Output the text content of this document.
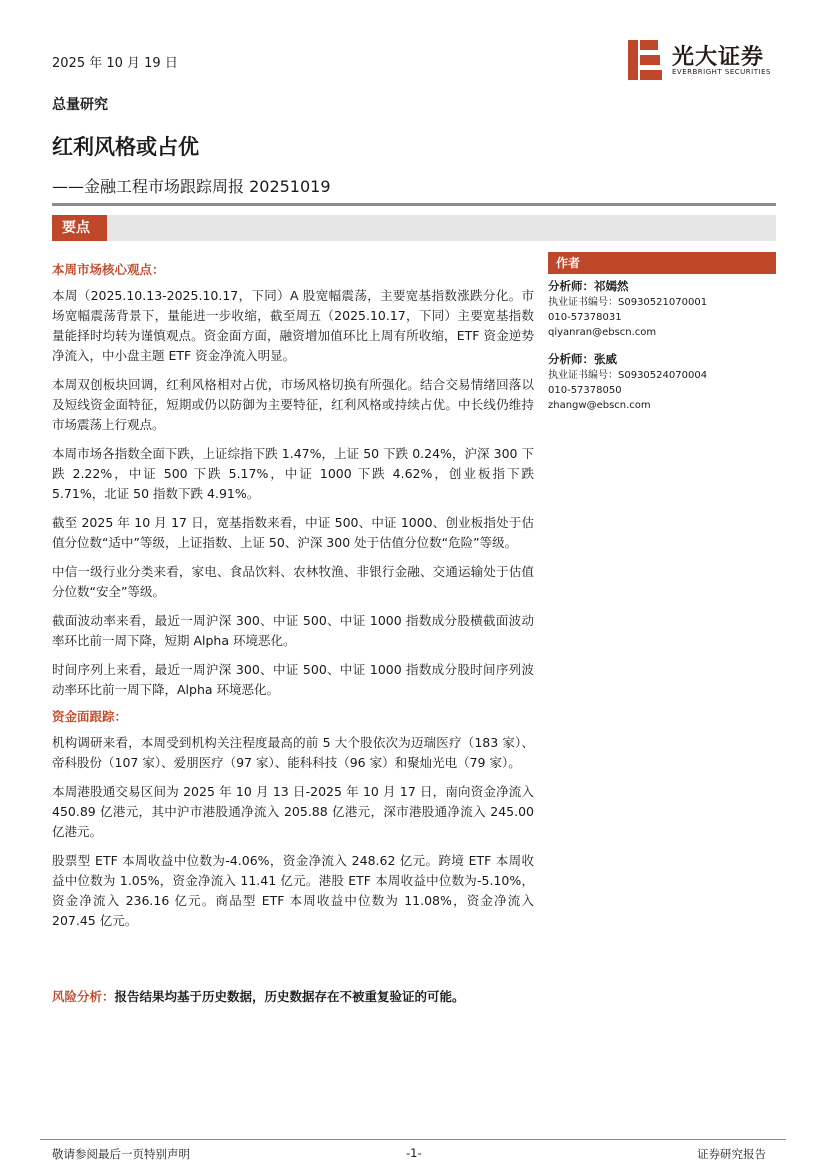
2025 年 10 月 19 日	光大证券
EVERBRIGHT SECURITIES
总量研究
红利风格或占优
——金融工程市场跟踪周报 20251019
要点
本周市场核心观点：

本周（2025.10.13-2025.10.17，下同）A 股宽幅震荡，主要宽基指数涨跌分化。市场宽幅震荡背景下，量能进一步收缩，截至周五（2025.10.17，下同）主要宽基指数量能择时均转为谨慎观点。资金面方面，融资增加值环比上周有所收缩，ETF 资金逆势净流入，中小盘主题 ETF 资金净流入明显。

本周双创板块回调，红利风格相对占优，市场风格切换有所强化。结合交易情绪回落以及短线资金面特征，短期或仍以防御为主要特征，红利风格或持续占优。中长线仍维持市场震荡上行观点。

本周市场各指数全面下跌，上证综指下跌 1.47%，上证 50 下跌 0.24%，沪深 300 下跌 2.22%，中证 500 下跌 5.17%，中证 1000 下跌 4.62%，创业板指下跌 5.71%，北证 50 指数下跌 4.91%。

截至 2025 年 10 月 17 日，宽基指数来看，中证 500、中证 1000、创业板指处于估值分位数“适中”等级，上证指数、上证 50、沪深 300 处于估值分位数“危险”等级。

中信一级行业分类来看，家电、食品饮料、农林牧渔、非银行金融、交通运输处于估值分位数“安全”等级。

截面波动率来看，最近一周沪深 300、中证 500、中证 1000 指数成分股横截面波动率环比前一周下降，短期 Alpha 环境恶化。

时间序列上来看，最近一周沪深 300、中证 500、中证 1000 指数成分股时间序列波动率环比前一周下降，Alpha 环境恶化。

资金面跟踪：

机构调研来看，本周受到机构关注程度最高的前 5 大个股依次为迈瑞医疗（183 家）、帝科股份（107 家）、爱朋医疗（97 家）、能科科技（96 家）和聚灿光电（79 家）。

本周港股通交易区间为 2025 年 10 月 13 日-2025 年 10 月 17 日，南向资金净流入 450.89 亿港元，其中沪市港股通净流入 205.88 亿港元，深市港股通净流入 245.00 亿港元。

股票型 ETF 本周收益中位数为-4.06%，资金净流入 248.62 亿元。跨境 ETF 本周收益中位数为 1.05%，资金净流入 11.41 亿元。港股 ETF 本周收益中位数为-5.10%，资金净流入 236.16 亿元。商品型 ETF 本周收益中位数为 11.08%，资金净流入 207.45 亿元。

作者
分析师：祁嫣然
执业证书编号：S0930521070001
010-57378031
qiyanran@ebscn.com
分析师：张威
执业证书编号：S0930524070004
010-57378050
zhangw@ebscn.com
风险分析：报告结果均基于历史数据，历史数据存在不被重复验证的可能。
敬请参阅最后一页特别声明	-1-	证券研究报告
